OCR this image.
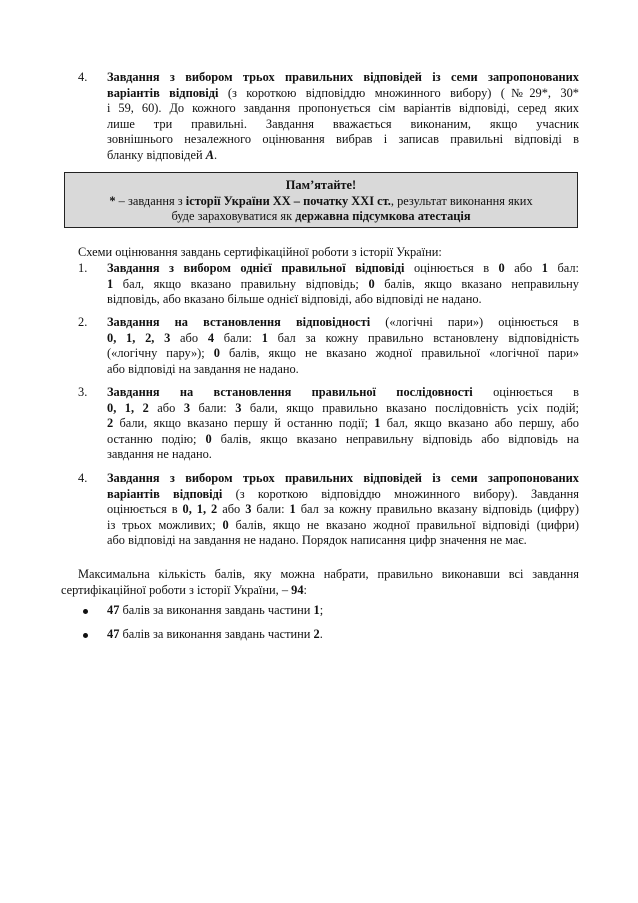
4. Завдання з вибором трьох правильних відповідей із семи запропонованих
варіантів відповіді (з короткою відповіддю множинного вибору) (№29*, 30*
і 59, 60). До кожного завдання пропонується сім варіантів відповіді, серед яких
лише три правильні. Завдання вважається виконаним, якщо учасник
зовнішнього незалежного оцінювання вибрав і записав правильні відповіді в
бланку відповідей А.
Пам’ятайте!
* – завдання з історії України ХХ – початку ХХІ ст., результат виконання яких
буде зараховуватися як державна підсумкова атестація
Схеми оцінювання завдань сертифікаційної роботи з історії України:
1. Завдання з вибором однієї правильної відповіді оцінюється в 0 або 1 бал:
1 бал, якщо вказано правильну відповідь; 0 балів, якщо вказано неправильну
відповідь, або вказано більше однієї відповіді, або відповіді не надано.
2. Завдання на встановлення відповідності («логічні пари») оцінюється в
0, 1, 2, 3 або 4 бали: 1 бал за кожну правильно встановлену відповідність
(«логічну пару»); 0 балів, якщо не вказано жодної правильної «логічної пари»
або відповіді на завдання не надано.
3. Завдання на встановлення правильної послідовності оцінюється в
0, 1, 2 або 3 бали: 3 бали, якщо правильно вказано послідовність усіх подій;
2 бали, якщо вказано першу й останню події; 1 бал, якщо вказано або першу, або
останню подію; 0 балів, якщо вказано неправильну відповідь або відповідь на
завдання не надано.
4. Завдання з вибором трьох правильних відповідей із семи запропонованих
варіантів відповіді (з короткою відповіддю множинного вибору). Завдання
оцінюється в 0, 1, 2 або 3 бали: 1 бал за кожну правильно вказану відповідь (цифру)
із трьох можливих; 0 балів, якщо не вказано жодної правильної відповіді (цифри)
або відповіді на завдання не надано. Порядок написання цифр значення не має.
Максимальна кількість балів, яку можна набрати, правильно виконавши всі завдання
сертифікаційної роботи з історії України, – 94:
47 балів за виконання завдань частини 1;
47 балів за виконання завдань частини 2.
